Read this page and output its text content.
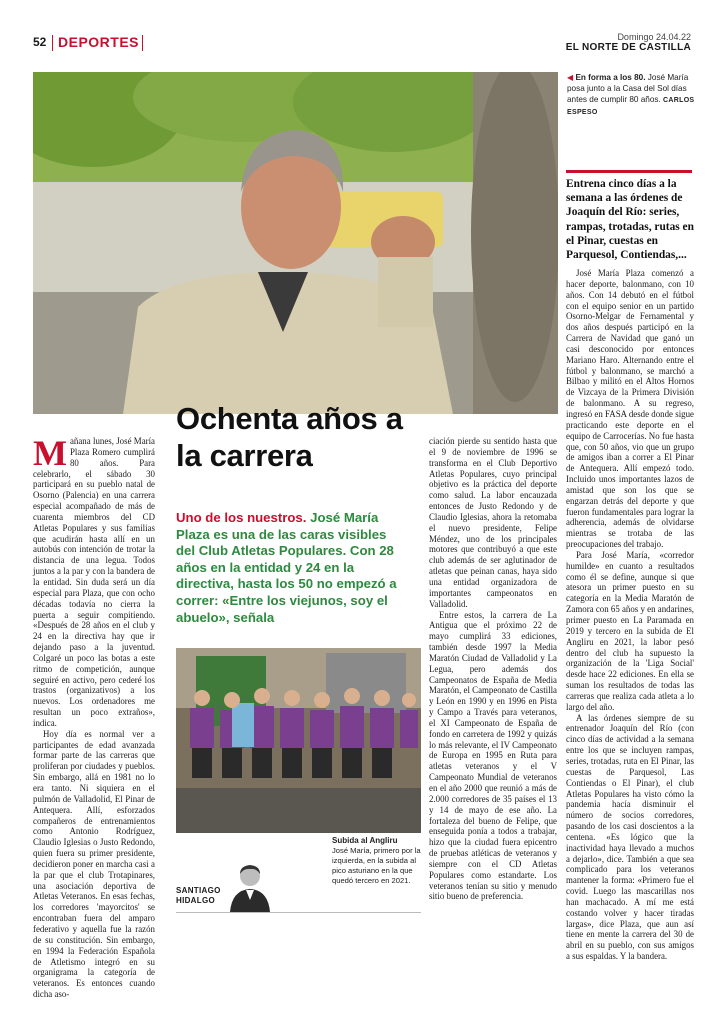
52 DEPORTES	Domingo 24.04.22
EL NORTE DE CASTILLA
◀ En forma a los 80. José María posa junto a la Casa del Sol días antes de cumplir 80 años. CARLOS ESPESO
Entrena cinco días a la semana a las órdenes de Joaquín del Río: series, rampas, trotadas, rutas en el Pinar, cuestas en Parquesol, Contiendas,...
Ochenta años a la carrera
Uno de los nuestros. José María Plaza es una de las caras visibles del Club Atletas Populares. Con 28 años en la entidad y 24 en la directiva, hasta los 50 no empezó a correr: «Entre los viejunos, soy el abuelo», señala

Mañana lunes, José María Plaza Romero cumplirá 80 años. Para celebrarlo, el sábado 30 participará en su pueblo natal de Osorno (Palencia) en una carrera especial acompañado de más de cuarenta miembros del CD Atletas Populares y sus familias que acudirán hasta allí en un autobús con intención de trotar la distancia de una legua. Todos juntos a la par y con la bandera de la entidad. Sin duda será un día especial para Plaza, que con ocho décadas todavía no cierra la puerta a seguir compitiendo. «Después de 28 años en el club y 24 en la directiva hay que ir dejando paso a la juventud. Colgaré un poco las botas a este ritmo de competición, aunque seguiré en activo, pero cederé los trastos (organizativos) a los nuevos. Los ordenadores me resultan un poco extraños», indica.

Hoy día es normal ver a participantes de edad avanzada formar parte de las carreras que proliferan por ciudades y pueblos. Sin embargo, allá en 1981 no lo era tanto. Ni siquiera en el pulmón de Valladolid, El Pinar de Antequera. Allí, esforzados compañeros de entrenamientos como Antonio Rodríguez, Claudio Iglesias o Justo Redondo, quien fuera su primer presidente, decidieron poner en marcha casi a la par que el club Trotapinares, una asociación deportiva de Atletas Veteranos. En esas fechas, los corredores 'mayorcitos' se encontraban fuera del amparo federativo y aquella fue la razón de su constitución. Sin embargo, en 1994 la Federación Española de Atletismo integró en su organigrama la categoría de veteranos. Es entonces cuando dicha aso-

Subida al Angliru
José María, primero por la izquierda, en la subida al pico asturiano en la que quedó tercero en 2021.
SANTIAGO
HIDALGO

ciación pierde su sentido hasta que el 9 de noviembre de 1996 se transforma en el Club Deportivo Atletas Populares, cuyo principal objetivo es la práctica del deporte como salud. La labor encauzada entonces de Justo Redondo y de Claudio Iglesias, ahora la retomaba el nuevo presidente, Felipe Méndez, uno de los principales motores que contribuyó a que este club además de ser aglutinador de atletas que peinan canas, haya sido una entidad organizadora de importantes campeonatos en Valladolid.

Entre estos, la carrera de La Antigua que el próximo 22 de mayo cumplirá 33 ediciones, también desde 1997 la Media Maratón Ciudad de Valladolid y La Legua, pero además dos Campeonatos de España de Media Maratón, el Campeonato de Castilla y León en 1990 y en 1996 en Pista y Campo a Través para veteranos, el XI Campeonato de España de fondo en carretera de 1992 y quizás lo más relevante, el IV Campeonato de Europa en 1995 en Ruta para atletas veteranos y el V Campeonato Mundial de veteranos en el año 2000 que reunió a más de 2.000 corredores de 35 países el 13 y 14 de mayo de ese año. La fortaleza del bueno de Felipe, que enseguida ponía a todos a trabajar, hizo que la ciudad fuera epicentro de pruebas atléticas de veteranos y siempre con el CD Atletas Populares como estandarte. Los veteranos tenían su sitio y menudo sitio bueno de preferencia.

José María Plaza comenzó a hacer deporte, balonmano, con 10 años. Con 14 debutó en el fútbol con el equipo senior en un partido Osorno-Melgar de Fernamental y dos años después participó en la Carrera de Navidad que ganó un casi desconocido por entonces Mariano Haro. Alternando entre el fútbol y balonmano, se marchó a Bilbao y militó en el Altos Hornos de Vizcaya de la Primera División de balonmano. A su regreso, ingresó en FASA desde donde sigue practicando este deporte en el equipo de Carrocerías. No fue hasta que, con 50 años, vio que un grupo de amigos iban a correr a El Pinar de Antequera. Allí empezó todo. Incluido unos importantes lazos de amistad que son los que se engarzan detrás del deporte y que fueron fundamentales para lograr la adherencia, además de olvidarse mientras se trotaba de las preocupaciones del trabajo.

Para José María, «corredor humilde» en cuanto a resultados como él se define, aunque si que atesora un primer puesto en su categoría en la Media Maratón de Zamora con 65 años y en andarines, primer puesto en La Paramada en 2019 y tercero en la subida de El Angliru en 2021, la labor pesó dentro del club ha supuesto la organización de la 'Liga Social' desde hace 22 ediciones. En ella se suman los resultados de todas las carreras que realiza cada atleta a lo largo del año.

A las órdenes siempre de su entrenador Joaquín del Río (con cinco días de actividad a la semana entre los que se incluyen rampas, series, trotadas, ruta en El Pinar, las cuestas de Parquesol, Las Contiendas o El Pinar), el club Atletas Populares ha visto cómo la pandemia hacía disminuir el número de socios corredores, pasando de los casi doscientos a la centena. «Es lógico que la inactividad haya llevado a muchos a dejarlo», dice. También a que sea complicado para los veteranos mantener la forma: «Primero fue el covid. Luego las mascarillas nos han machacado. A mí me está costando volver y hacer tiradas largas», dice Plaza, que aun así tiene en mente la carrera del 30 de abril en su pueblo, con sus amigos a sus espaldas. Y la bandera.
